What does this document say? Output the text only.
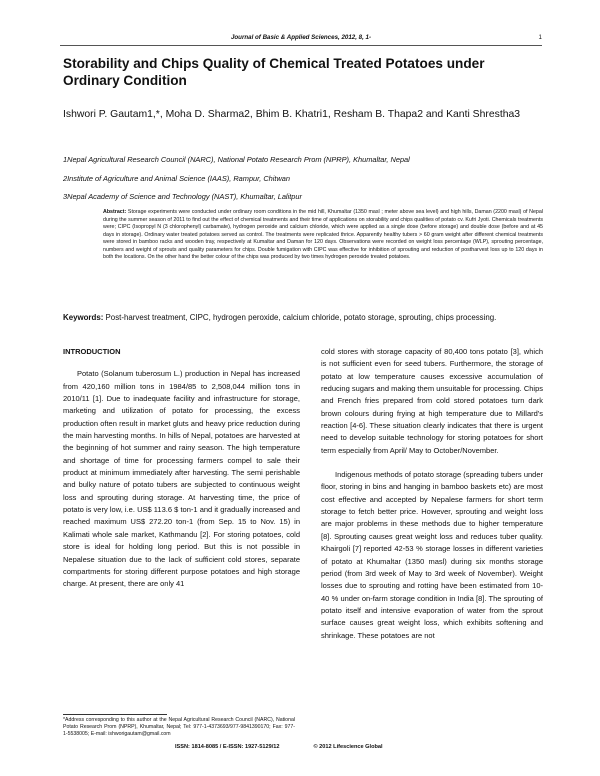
Journal of Basic & Applied Sciences, 2012, 8, 1-	1
Storability and Chips Quality of Chemical Treated Potatoes under Ordinary Condition
Ishwori P. Gautam1,*, Moha D. Sharma2, Bhim B. Khatri1, Resham B. Thapa2 and Kanti Shrestha3
1Nepal Agricultural Research Council (NARC), National Potato Research Prom (NPRP), Khumaltar, Nepal
2Institute of Agriculture and Animal Science (IAAS), Rampur, Chitwan
3Nepal Academy of Science and Technology (NAST), Khumaltar, Lalitpur
Abstract: Storage experiments were conducted under ordinary room conditions in the mid hill, Khumaltar (1350 masl ; meter above sea level) and high hills, Daman (2200 masl) of Nepal during the summer season of 2011 to find out the effect of chemical treatments and their time of applications on storability and chips qualities of potato cv. Kufri Jyoti. Chemicals treatments were; CIPC (Isopropyl N (3 chlorophenyl) carbamate), hydrogen peroxide and calcium chloride, which were applied as a single dose (before storage) and double dose (before and at 45 days in storage). Ordinary water treated potatoes served as control. The treatments were replicated thrice. Apparently healthy tubers > 60 gram weight after different chemical treatments were stored in bamboo racks and wooden tray, respectively at Kumaltar and Daman for 120 days. Observations were recorded on weight loss percentage (WLP), sprouting percentage, numbers and weight of sprouts and quality parameters for chips. Double fumigation with CIPC was effective for inhibition of sprouting and reduction of postharvest loss up to 120 days in both the locations. On the other hand the better colour of the chips was produced by two times hydrogen peroxide treated potatoes.
Keywords: Post-harvest treatment, CIPC, hydrogen peroxide, calcium chloride, potato storage, sprouting, chips processing.
INTRODUCTION

Potato (Solanum tuberosum L.) production in Nepal has increased from 420,160 million tons in 1984/85 to 2,508,044 million tons in 2010/11 [1]. Due to inadequate facility and infrastructure for storage, marketing and utilization of potato for processing, the excess production often result in market gluts and heavy price reduction during the main harvesting months. In hills of Nepal, potatoes are harvested at the beginning of hot summer and rainy season. The high temperature and shortage of time for processing farmers compel to sale their product at minimum immediately after harvesting. The semi perishable and bulky nature of potato tubers are subjected to continuous weight loss and sprouting during storage. At harvesting time, the price of potato is very low, i.e. US$ 113.6 $ ton-1 and it gradually increased and reached maximum US$ 272.20 ton-1 (from Sep. 15 to Nov. 15) in Kalimati whole sale market, Kathmandu [2]. For storing potatoes, cold store is ideal for holding long period. But this is not possible in Nepalese situation due to the lack of sufficient cold stores, separate compartments for storing different purpose potatoes and high storage charge. At present, there are only 41

cold stores with storage capacity of 80,400 tons potato [3], which is not sufficient even for seed tubers. Furthermore, the storage of potato at low temperature causes excessive accumulation of reducing sugars and making them unsuitable for processing. Chips and French fries prepared from cold stored potatoes turn dark brown colours during frying at high temperature due to Millard's reaction [4-6]. These situation clearly indicates that there is urgent need to develop suitable technology for storing potatoes for short term especially from April/ May to October/November.

Indigenous methods of potato storage (spreading tubers under floor, storing in bins and hanging in bamboo baskets etc) are most cost effective and accepted by Nepalese farmers for short term storage to fetch better price. However, sprouting and weight loss are major problems in these methods due to higher temperature [8]. Sprouting causes great weight loss and reduces tuber quality. Khairgoli [7] reported 42-53 % storage losses in different varieties of potato at Khumaltar (1350 masl) during six months storage period (from 3rd week of May to 3rd week of November). Weight losses due to sprouting and rotting have been estimated from 10-40 % under on-farm storage condition in India [8]. The sprouting of potato itself and intensive evaporation of water from the sprout surface causes great weight loss, which exhibits softening and shrinkage. These potatoes are not

*Address corresponding to this author at the Nepal Agricultural Research Council (NARC), National Potato Research Prom (NPRP), Khumaltar, Nepal; Tel: 977-1-4373693/977-9841390170; Fax: 977-1-5538005; E-mail: ishworigautam@gmail.com
ISSN: 1814-8085 / E-ISSN: 1927-5129/12	© 2012 Lifescience Global
